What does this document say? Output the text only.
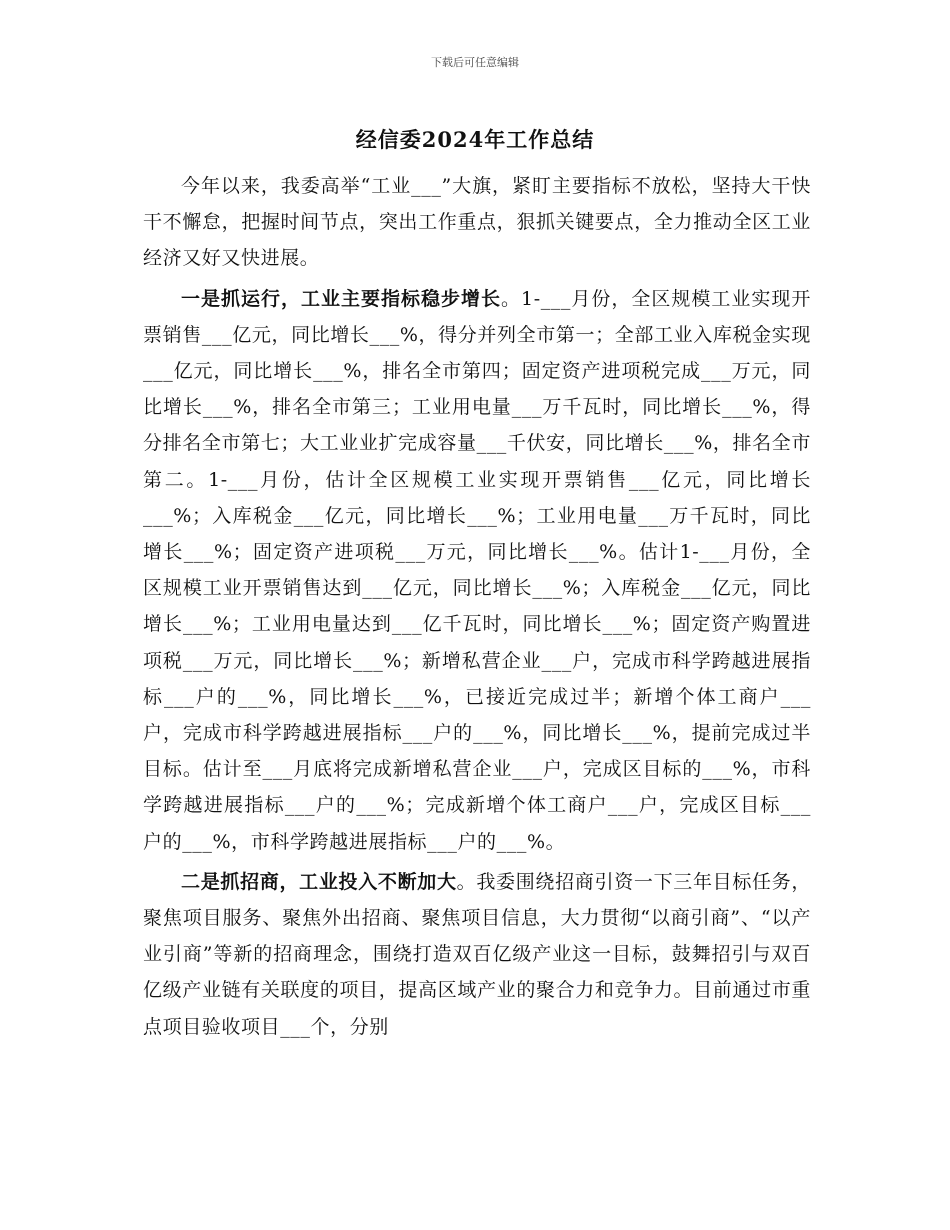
下载后可任意编辑
经信委2024年工作总结

今年以来，我委高举“工业___”大旗，紧盯主要指标不放松，坚持大干快干不懈怠，把握时间节点，突出工作重点，狠抓关键要点，全力推动全区工业经济又好又快进展。

一是抓运行，工业主要指标稳步增长。1-___月份，全区规模工业实现开票销售___亿元，同比增长___%，得分并列全市第一；全部工业入库税金实现___亿元，同比增长___%，排名全市第四；固定资产进项税完成___万元，同比增长___%，排名全市第三；工业用电量___万千瓦时，同比增长___%，得分排名全市第七；大工业业扩完成容量___千伏安，同比增长___%，排名全市第二。1-___月份，估计全区规模工业实现开票销售___亿元，同比增长___%；入库税金___亿元，同比增长___%；工业用电量___万千瓦时，同比增长___%；固定资产进项税___万元，同比增长___%。估计1-___月份，全区规模工业开票销售达到___亿元，同比增长___%；入库税金___亿元，同比增长___%；工业用电量达到___亿千瓦时，同比增长___%；固定资产购置进项税___万元，同比增长___%；新增私营企业___户，完成市科学跨越进展指标___户的___%，同比增长___%，已接近完成过半；新增个体工商户___户，完成市科学跨越进展指标___户的___%，同比增长___%，提前完成过半目标。估计至___月底将完成新增私营企业___户，完成区目标的___%，市科学跨越进展指标___户的___%；完成新增个体工商户___户，完成区目标___户的___%，市科学跨越进展指标___户的___%。

二是抓招商，工业投入不断加大。我委围绕招商引资一下三年目标任务，聚焦项目服务、聚焦外出招商、聚焦项目信息，大力贯彻“以商引商”、“以产业引商”等新的招商理念，围绕打造双百亿级产业这一目标，鼓舞招引与双百亿级产业链有关联度的项目，提高区域产业的聚合力和竞争力。目前通过市重点项目验收项目___个，分别
